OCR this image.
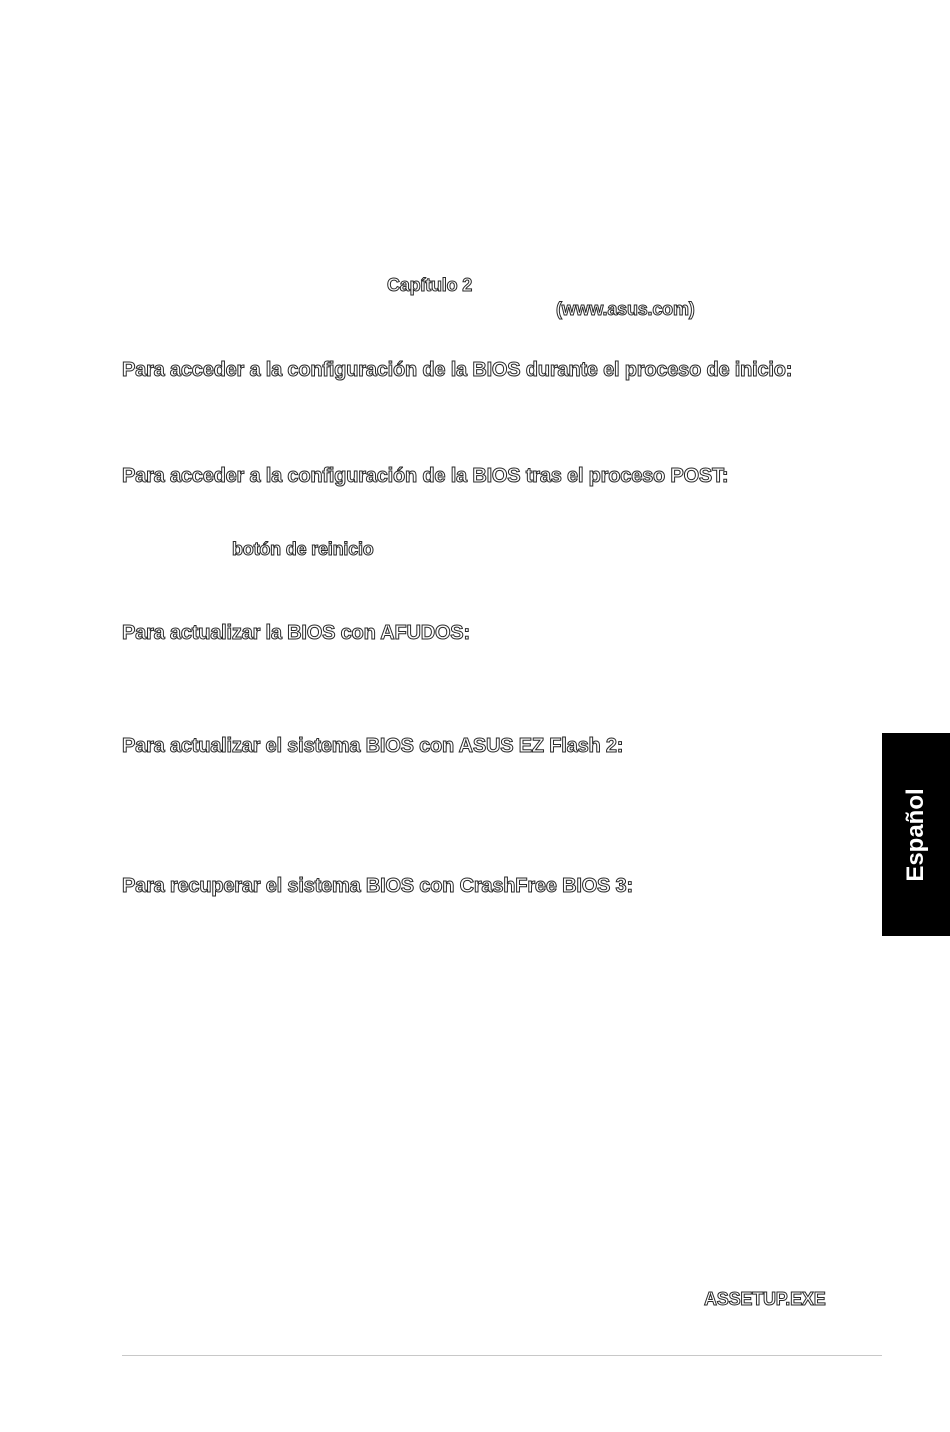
Capítulo 2
(www.asus.com)
Para acceder a la configuración de la BIOS durante el proceso de inicio:
Para acceder a la configuración de la BIOS tras el proceso POST:
botón de reinicio
Para actualizar la BIOS con AFUDOS:
Para actualizar el sistema BIOS con ASUS EZ Flash 2:
Para recuperar el sistema BIOS con CrashFree BIOS 3:
ASSETUP.EXE
Español
